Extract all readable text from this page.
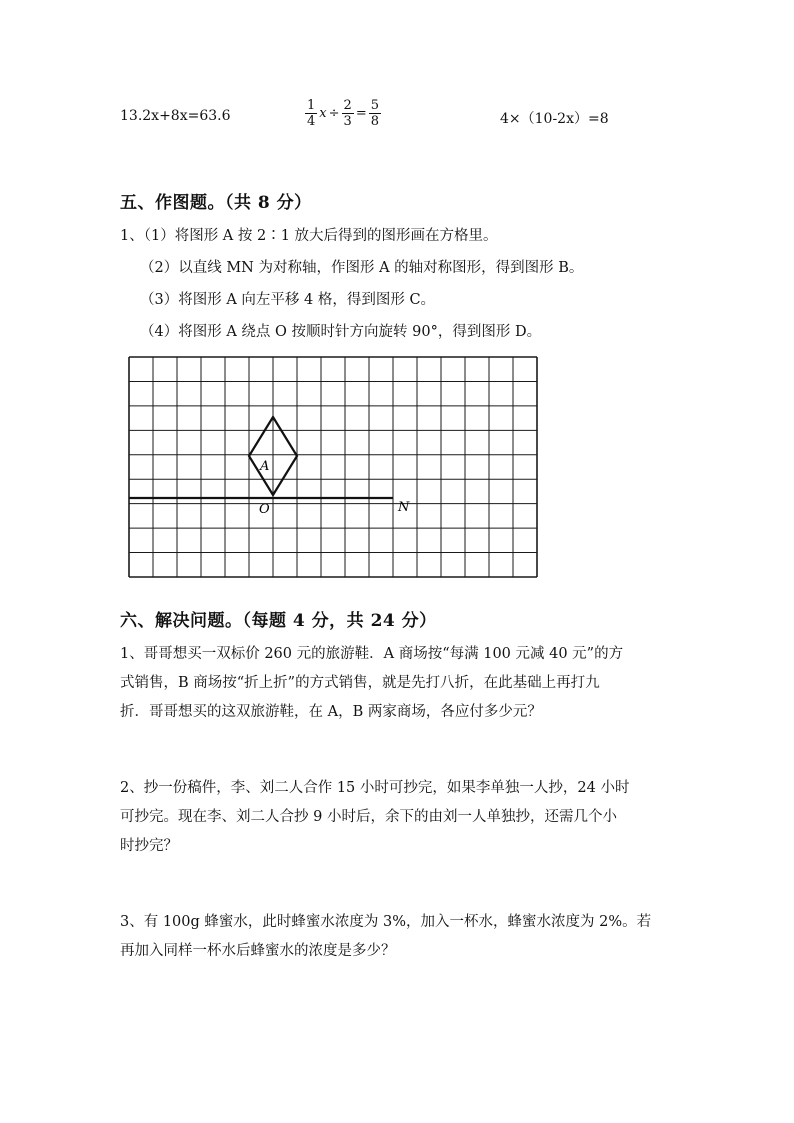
13.2x+8x=63.6	$\frac{1}{4}$ $x \div \frac{2}{3} = \frac{5}{8}$	4×（10-2x）=8
五、作图题。（共 8 分）
1、（1）将图形 A 按 2∶1 放大后得到的图形画在方格里。
（2）以直线 MN 为对称轴，作图形 A 的轴对称图形，得到图形 B。
（3）将图形 A 向左平移 4 格，得到图形 C。
（4）将图形 A 绕点 O 按顺时针方向旋转 90°，得到图形 D。
A
O	N
六、解决问题。（每题 4 分，共 24 分）
1、哥哥想买一双标价 260 元的旅游鞋．A 商场按“每满 100 元减 40 元”的方
式销售，B 商场按“折上折”的方式销售，就是先打八折，在此基础上再打九
折．哥哥想买的这双旅游鞋，在 A，B 两家商场，各应付多少元？
2、抄一份稿件，李、刘二人合作 15 小时可抄完，如果李单独一人抄，24 小时
可抄完。现在李、刘二人合抄 9 小时后，余下的由刘一人单独抄，还需几个小
时抄完？
3、有 100g 蜂蜜水，此时蜂蜜水浓度为 3%，加入一杯水，蜂蜜水浓度为 2%。若
再加入同样一杯水后蜂蜜水的浓度是多少？
